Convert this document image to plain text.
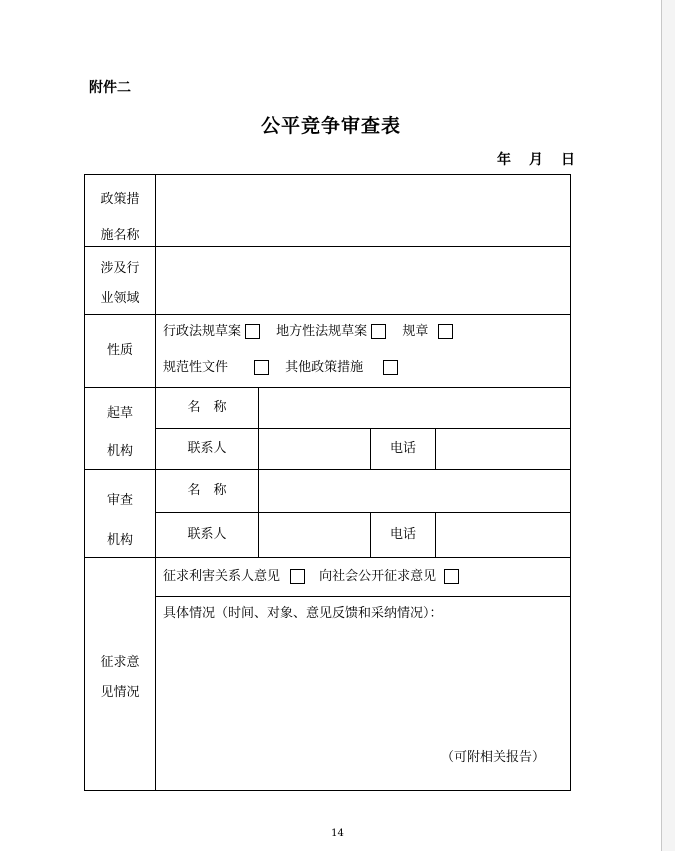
附件二
公平竞争审查表
年 月 日
政策措
施名称
涉及行
业领域
性质
行政法规草案	地方性法规草案	规章
规范性文件	其他政策措施
起草
机构
名　称
联系人	电话
审查
机构
名　称
联系人	电话
征求意
见情况
征求利害关系人意见	向社会公开征求意见
具体情况（时间、对象、意见反馈和采纳情况）：
（可附相关报告）
14
